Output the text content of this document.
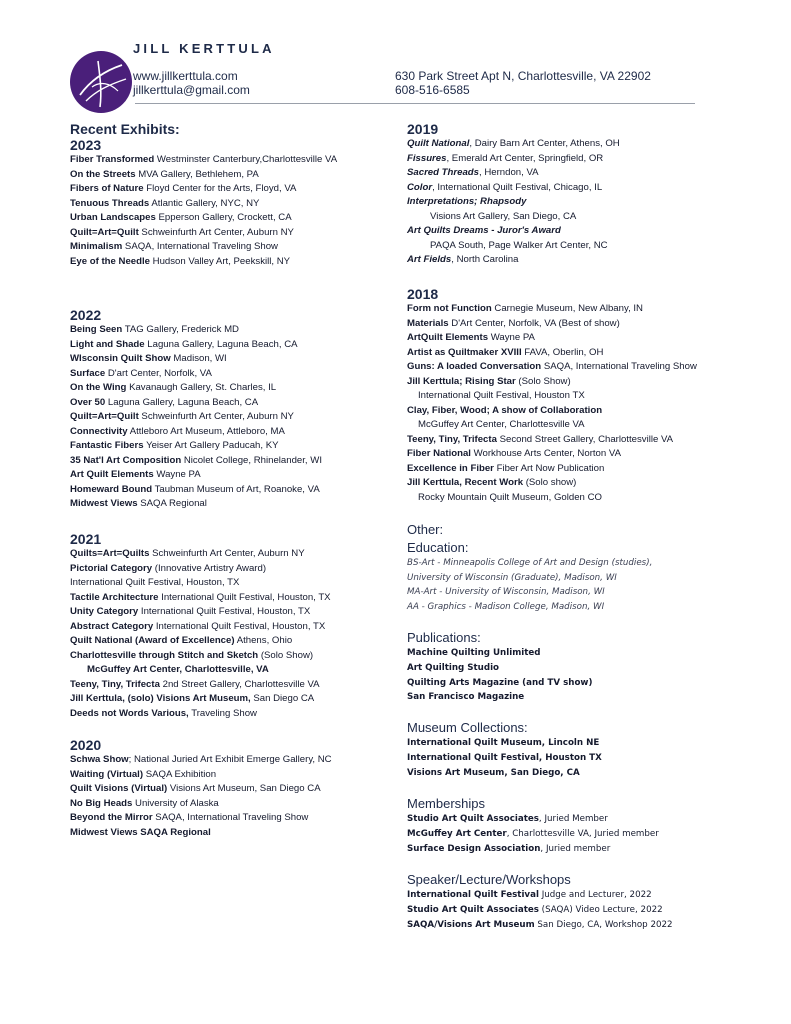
JILL KERTTULA
www.jillkerttula.com
jillkerttula@gmail.com
630 Park Street Apt N, Charlottesville, VA 22902
608-516-6585
Recent Exhibits:
2023
Fiber Transformed Westminster Canterbury,Charlottesville VA
On the Streets MVA Gallery, Bethlehem, PA
Fibers of Nature Floyd Center for the Arts, Floyd, VA
Tenuous Threads Atlantic Gallery, NYC, NY
Urban Landscapes Epperson Gallery, Crockett, CA
Quilt=Art=Quilt Schweinfurth Art Center, Auburn NY
Minimalism SAQA, International Traveling Show
Eye of the Needle Hudson Valley Art, Peekskill, NY
2022
Being Seen TAG Gallery, Frederick MD
Light and Shade Laguna Gallery, Laguna Beach, CA
WIsconsin Quilt Show Madison, WI
Surface D'art Center, Norfolk, VA
On the Wing Kavanaugh Gallery, St. Charles, IL
Over 50 Laguna Gallery, Laguna Beach, CA
Quilt=Art=Quilt Schweinfurth Art Center, Auburn NY
Connectivity Attleboro Art Museum, Attleboro, MA
Fantastic Fibers Yeiser Art Gallery Paducah, KY
35 Nat'l Art Composition Nicolet College, Rhinelander, WI
Art Quilt Elements Wayne PA
Homeward Bound Taubman Museum of Art, Roanoke, VA
Midwest Views SAQA Regional
2021
Quilts=Art=Quilts Schweinfurth Art Center, Auburn NY
Pictorial Category (Innovative Artistry Award)
International Quilt Festival, Houston, TX
Tactile Architecture International Quilt Festival, Houston, TX
Unity Category International Quilt Festival, Houston, TX
Abstract Category International Quilt Festival, Houston, TX
Quilt National (Award of Excellence) Athens, Ohio
Charlottesville through Stitch and Sketch (Solo Show)
McGuffey Art Center, Charlottesville, VA
Teeny, Tiny, Trifecta 2nd Street Gallery, Charlottesville VA
Jill Kerttula, (solo) Visions Art Museum, San Diego CA
Deeds not Words Various, Traveling Show
2020
Schwa Show; National Juried Art Exhibit Emerge Gallery, NC
Waiting (Virtual) SAQA Exhibition
Quilt Visions (Virtual) Visions Art Museum, San Diego CA
No Big Heads University of Alaska
Beyond the Mirror SAQA, International Traveling Show
Midwest Views SAQA Regional
2019
Quilt National, Dairy Barn Art Center, Athens, OH
Fissures, Emerald Art Center, Springfield, OR
Sacred Threads, Herndon, VA
Color, International Quilt Festival, Chicago, IL
Interpretations; Rhapsody
Visions Art Gallery, San Diego, CA
Art Quilts Dreams - Juror's Award
PAQA South, Page Walker Art Center, NC
Art Fields, North Carolina
2018
Form not Function Carnegie Museum, New Albany, IN
Materials D'Art Center, Norfolk, VA (Best of show)
ArtQuilt Elements Wayne PA
Artist as Quiltmaker XVIII FAVA, Oberlin, OH
Guns: A loaded Conversation SAQA, International Traveling Show
Jill Kerttula; Rising Star (Solo Show)
International Quilt Festival, Houston TX
Clay, Fiber, Wood; A show of Collaboration
McGuffey Art Center, Charlottesville VA
Teeny, Tiny, Trifecta Second Street Gallery, Charlottesville VA
Fiber National Workhouse Arts Center, Norton VA
Excellence in Fiber Fiber Art Now Publication
Jill Kerttula, Recent Work (Solo show)
Rocky Mountain Quilt Museum, Golden CO
Other:
Education:
BS-Art - Minneapolis College of Art and Design (studies),
University of Wisconsin (Graduate), Madison, WI
MA-Art - University of Wisconsin, Madison, WI
AA - Graphics - Madison College, Madison, WI
Publications:
Machine Quilting Unlimited
Art Quilting Studio
Quilting Arts Magazine (and TV show)
San Francisco Magazine
Museum Collections:
International Quilt Museum, Lincoln NE
International Quilt Festival, Houston TX
Visions Art Museum, San Diego, CA
Memberships
Studio Art Quilt Associates, Juried Member
McGuffey Art Center, Charlottesville VA, Juried member
Surface Design Association, Juried member
Speaker/Lecture/Workshops
International Quilt Festival Judge and Lecturer, 2022
Studio Art Quilt Associates (SAQA) Video Lecture, 2022
SAQA/Visions Art Museum San Diego, CA, Workshop 2022
